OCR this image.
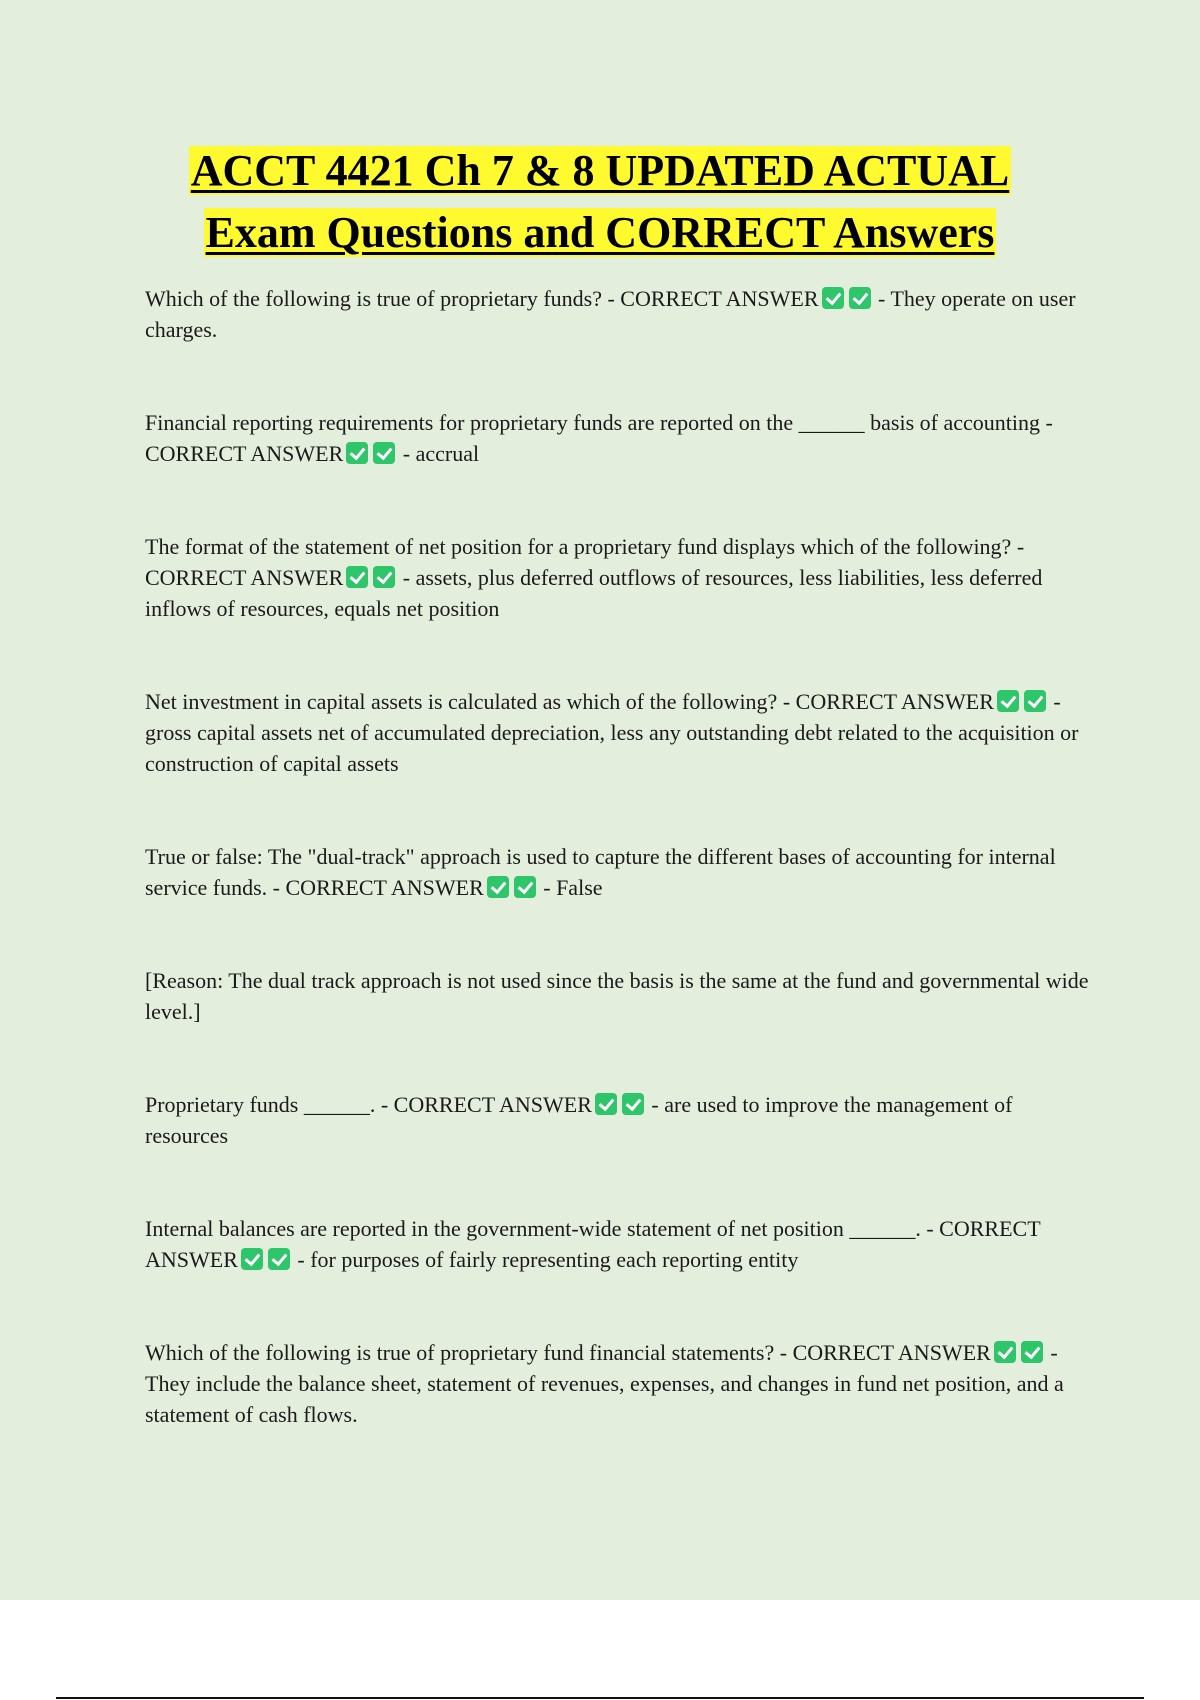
ACCT 4421 Ch 7 & 8 UPDATED ACTUAL
Exam Questions and CORRECT Answers

Which of the following is true of proprietary funds? - CORRECT ANSWER	- They operate on user charges.

Financial reporting requirements for proprietary funds are reported on the ______ basis of accounting - CORRECT ANSWER	- accrual

The format of the statement of net position for a proprietary fund displays which of the following? - CORRECT ANSWER	- assets, plus deferred outflows of resources, less liabilities, less deferred inflows of resources, equals net position

Net investment in capital assets is calculated as which of the following? - CORRECT ANSWER	- gross capital assets net of accumulated depreciation, less any outstanding debt related to the acquisition or construction of capital assets

True or false: The "dual-track" approach is used to capture the different bases of accounting for internal service funds. - CORRECT ANSWER	- False

[Reason: The dual track approach is not used since the basis is the same at the fund and governmental wide level.]

Proprietary funds ______. - CORRECT ANSWER	- are used to improve the management of resources

Internal balances are reported in the government-wide statement of net position ______. - CORRECT ANSWER	- for purposes of fairly representing each reporting entity

Which of the following is true of proprietary fund financial statements? - CORRECT ANSWER	- They include the balance sheet, statement of revenues, expenses, and changes in fund net position, and a statement of cash flows.
